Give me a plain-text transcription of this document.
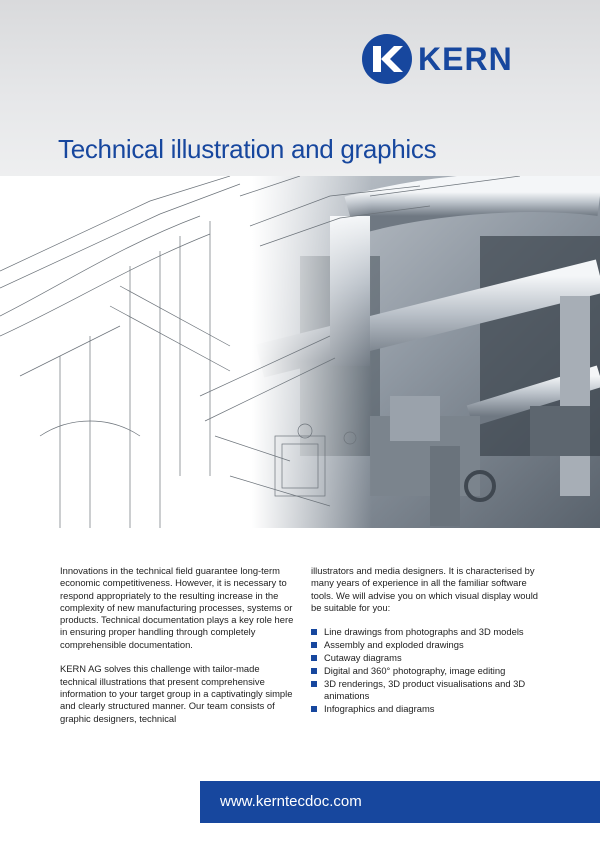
KERN
Technical illustration and graphics

Innovations in the technical field guarantee long-term economic competitiveness. However, it is necessary to respond appropriately to the resulting increase in the complexity of new manufacturing processes, systems or products. Technical documentation plays a key role here in ensuring proper handling through completely comprehensible documentation.

KERN AG solves this challenge with tailor-made technical illustrations that present comprehensive information to your target group in a captivatingly simple and clearly structured manner. Our team consists of graphic designers, technical

illustrators and media designers. It is characterised by many years of experience in all the familiar software tools. We will advise you on which visual display would be suitable for you:

Line drawings from photographs and 3D models
Assembly and exploded drawings
Cutaway diagrams
Digital and 360° photography, image editing
3D renderings, 3D product visualisations and 3D animations
Infographics and diagrams
www.kerntecdoc.com
